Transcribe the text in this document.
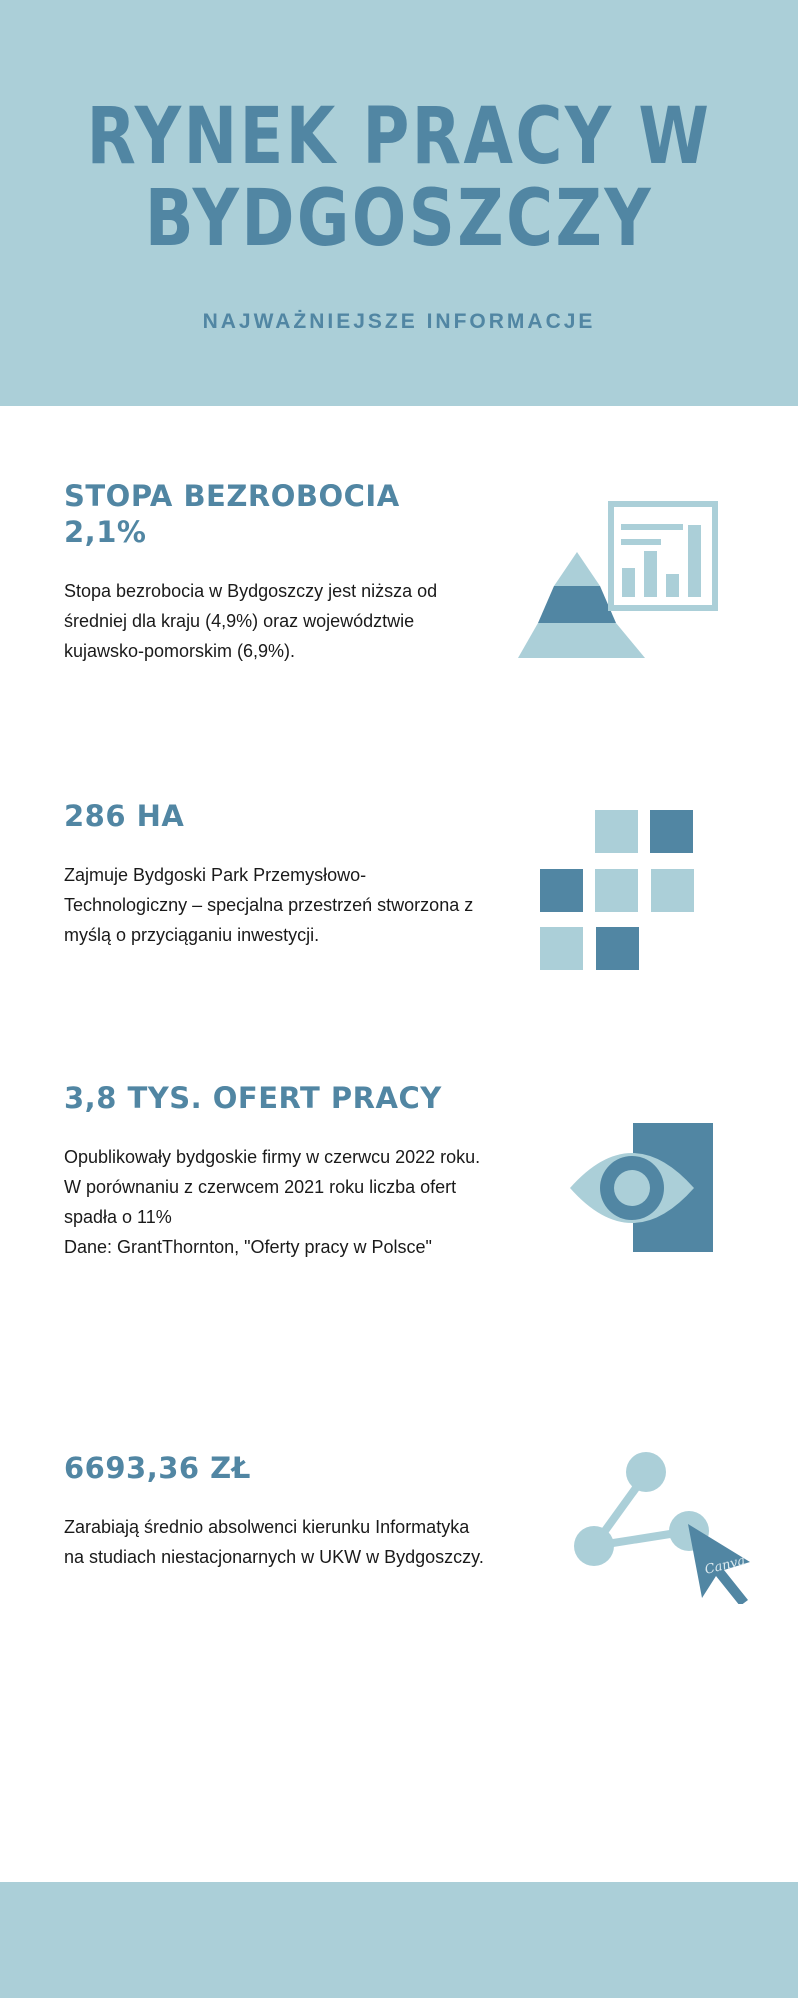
RYNEK PRACY W BYDGOSZCZY
NAJWAŻNIEJSZE INFORMACJE
STOPA BEZROBOCIA 2,1%

Stopa bezrobocia w Bydgoszczy jest niższa od średniej dla kraju (4,9%) oraz województwie kujawsko-pomorskim (6,9%).

286 HA

Zajmuje Bydgoski Park Przemysłowo-Technologiczny – specjalna przestrzeń stworzona z myślą o przyciąganiu inwestycji.

3,8 TYS. OFERT PRACY

Opublikowały bydgoskie firmy w czerwcu 2022 roku. W porównaniu z czerwcem 2021 roku liczba ofert spadła o 11%
Dane: GrantThornton, "Oferty pracy w Polsce"

6693,36 ZŁ

Zarabiają średnio absolwenci kierunku Informatyka na studiach niestacjonarnych w UKW w Bydgoszczy.	Canva
